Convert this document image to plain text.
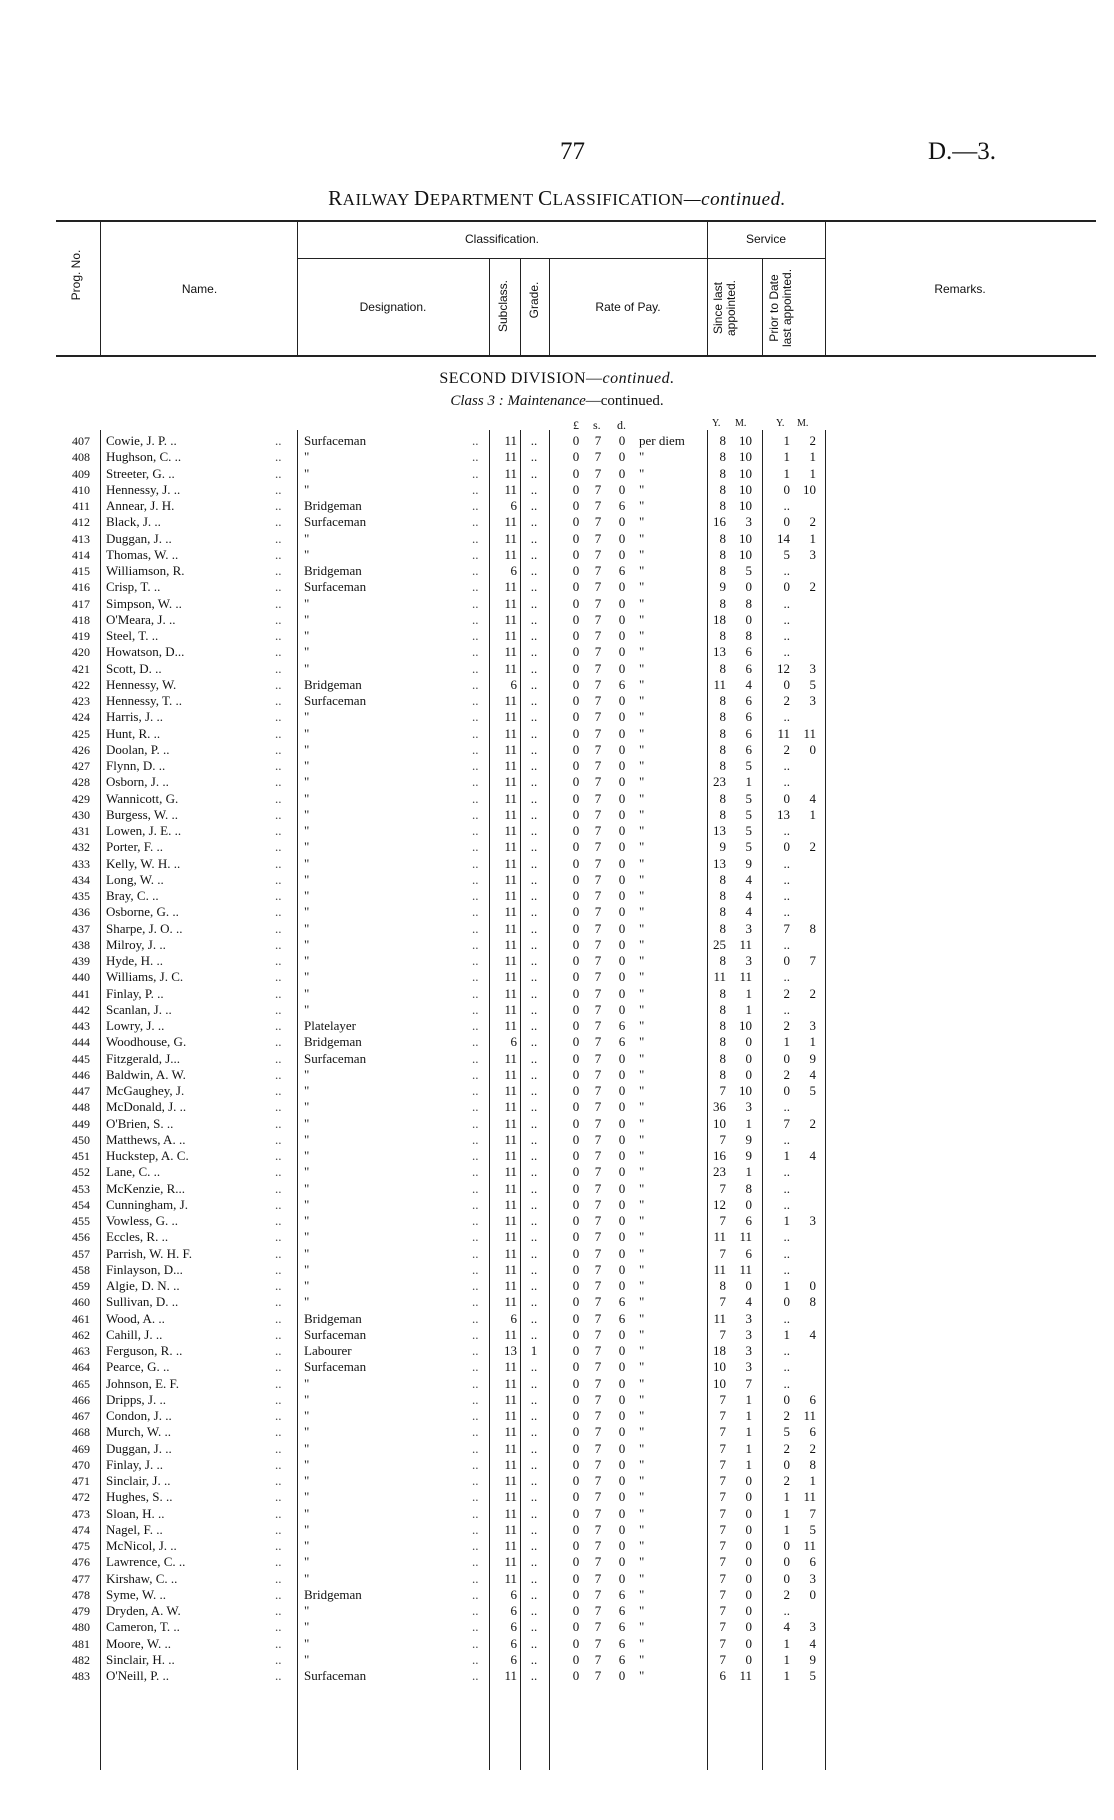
77	D.—3.
RAILWAY DEPARTMENT CLASSIFICATION—continued.
Prog. No.	Name.
Classification.
Designation.	Subclass. Grade.	Rate of Pay.
Service
Since last appointed.	Prior to Date last appointed.	Remarks.
SECOND DIVISION—continued.
Class 3 : Maintenance—continued.
£ s. d.	Y. M.	Y. M.
407 Cowie, J. P. ..	.. Surfaceman	..	11 ..	0 7 0 per diem	8	10	1	2
408 Hughson, C. ..	.. "	..	11 ..	0 7 0 "	8	10	1	1
409 Streeter, G. ..	.. "	..	11 ..	0 7 0 "	8	10	1	1
410 Hennessy, J. ..	.. "	..	11 ..	0 7 0 "	8	10	0	10
411 Annear, J. H.	.. Bridgeman	..	6 ..	0 7 6 "	8	10	..
412 Black, J. ..	.. Surfaceman	..	11 ..	0 7 0 "	16	3	0	2
413 Duggan, J. ..	.. "	..	11 ..	0 7 0 "	8	10	14	1
414 Thomas, W. ..	.. "	..	11 ..	0 7 0 "	8	10	5	3
415 Williamson, R.	.. Bridgeman	..	6 ..	0 7 6 "	8	5	..
416 Crisp, T. ..	.. Surfaceman	..	11 ..	0 7 0 "	9	0	0	2
417 Simpson, W. ..	.. "	..	11 ..	0 7 0 "	8	8	..
418 O'Meara, J. ..	.. "	..	11 ..	0 7 0 "	18	0	..
419 Steel, T. ..	.. "	..	11 ..	0 7 0 "	8	8	..
420 Howatson, D...	.. "	..	11 ..	0 7 0 "	13	6	..
421 Scott, D. ..	.. "	..	11 ..	0 7 0 "	8	6	12	3
422 Hennessy, W.	.. Bridgeman	..	6 ..	0 7 6 "	11	4	0	5
423 Hennessy, T. ..	.. Surfaceman	..	11 ..	0 7 0 "	8	6	2	3
424 Harris, J. ..	.. "	..	11 ..	0 7 0 "	8	6	..
425 Hunt, R. ..	.. "	..	11 ..	0 7 0 "	8	6	11	11
426 Doolan, P. ..	.. "	..	11 ..	0 7 0 "	8	6	2	0
427 Flynn, D. ..	.. "	..	11 ..	0 7 0 "	8	5	..
428 Osborn, J. ..	.. "	..	11 ..	0 7 0 "	23	1	..
429 Wannicott, G.	.. "	..	11 ..	0 7 0 "	8	5	0	4
430 Burgess, W. ..	.. "	..	11 ..	0 7 0 "	8	5	13	1
431 Lowen, J. E. ..	.. "	..	11 ..	0 7 0 "	13	5	..
432 Porter, F. ..	.. "	..	11 ..	0 7 0 "	9	5	0	2
433 Kelly, W. H. ..	.. "	..	11 ..	0 7 0 "	13	9	..
434 Long, W. ..	.. "	..	11 ..	0 7 0 "	8	4	..
435 Bray, C. ..	.. "	..	11 ..	0 7 0 "	8	4	..
436 Osborne, G. ..	.. "	..	11 ..	0 7 0 "	8	4	..
437 Sharpe, J. O. ..	.. "	..	11 ..	0 7 0 "	8	3	7	8
438 Milroy, J. ..	.. "	..	11 ..	0 7 0 "	25	11	..
439 Hyde, H. ..	.. "	..	11 ..	0 7 0 "	8	3	0	7
440 Williams, J. C.	.. "	..	11 ..	0 7 0 "	11	11	..
441 Finlay, P. ..	.. "	..	11 ..	0 7 0 "	8	1	2	2
442 Scanlan, J. ..	.. "	..	11 ..	0 7 0 "	8	1	..
443 Lowry, J. ..	.. Platelayer	..	11 ..	0 7 6 "	8	10	2	3
444 Woodhouse, G.	.. Bridgeman	..	6 ..	0 7 6 "	8	0	1	1
445 Fitzgerald, J...	.. Surfaceman	..	11 ..	0 7 0 "	8	0	0	9
446 Baldwin, A. W.	.. "	..	11 ..	0 7 0 "	8	0	2	4
447 McGaughey, J.	.. "	..	11 ..	0 7 0 "	7	10	0	5
448 McDonald, J. ..	.. "	..	11 ..	0 7 0 "	36	3	..
449 O'Brien, S. ..	.. "	..	11 ..	0 7 0 "	10	1	7	2
450 Matthews, A. ..	.. "	..	11 ..	0 7 0 "	7	9	..
451 Huckstep, A. C.	.. "	..	11 ..	0 7 0 "	16	9	1	4
452 Lane, C. ..	.. "	..	11 ..	0 7 0 "	23	1	..
453 McKenzie, R...	.. "	..	11 ..	0 7 0 "	7	8	..
454 Cunningham, J.	.. "	..	11 ..	0 7 0 "	12	0	..
455 Vowless, G. ..	.. "	..	11 ..	0 7 0 "	7	6	1	3
456 Eccles, R. ..	.. "	..	11 ..	0 7 0 "	11	11	..
457 Parrish, W. H. F.	.. "	..	11 ..	0 7 0 "	7	6	..
458 Finlayson, D...	.. "	..	11 ..	0 7 0 "	11	11	..
459 Algie, D. N. ..	.. "	..	11 ..	0 7 0 "	8	0	1	0
460 Sullivan, D. ..	.. "	..	11 ..	0 7 6 "	7	4	0	8
461 Wood, A. ..	.. Bridgeman	..	6 ..	0 7 6 "	11	3	..
462 Cahill, J. ..	.. Surfaceman	..	11 ..	0 7 0 "	7	3	1	4
463 Ferguson, R. ..	.. Labourer	..	13 1	0 7 0 "	18	3	..
464 Pearce, G. ..	.. Surfaceman	..	11 ..	0 7 0 "	10	3	..
465 Johnson, E. F.	.. "	..	11 ..	0 7 0 "	10	7	..
466 Dripps, J. ..	.. "	..	11 ..	0 7 0 "	7	1	0	6
467 Condon, J. ..	.. "	..	11 ..	0 7 0 "	7	1	2	11
468 Murch, W. ..	.. "	..	11 ..	0 7 0 "	7	1	5	6
469 Duggan, J. ..	.. "	..	11 ..	0 7 0 "	7	1	2	2
470 Finlay, J. ..	.. "	..	11 ..	0 7 0 "	7	1	0	8
471 Sinclair, J. ..	.. "	..	11 ..	0 7 0 "	7	0	2	1
472 Hughes, S. ..	.. "	..	11 ..	0 7 0 "	7	0	1	11
473 Sloan, H. ..	.. "	..	11 ..	0 7 0 "	7	0	1	7
474 Nagel, F. ..	.. "	..	11 ..	0 7 0 "	7	0	1	5
475 McNicol, J. ..	.. "	..	11 ..	0 7 0 "	7	0	0	11
476 Lawrence, C. ..	.. "	..	11 ..	0 7 0 "	7	0	0	6
477 Kirshaw, C. ..	.. "	..	11 ..	0 7 0 "	7	0	0	3
478 Syme, W. ..	.. Bridgeman	..	6 ..	0 7 6 "	7	0	2	0
479 Dryden, A. W.	.. "	..	6 ..	0 7 6 "	7	0	..
480 Cameron, T. ..	.. "	..	6 ..	0 7 6 "	7	0	4	3
481 Moore, W. ..	.. "	..	6 ..	0 7 6 "	7	0	1	4
482 Sinclair, H. ..	.. "	..	6 ..	0 7 6 "	7	0	1	9
483 O'Neill, P. ..	.. Surfaceman	..	11 ..	0 7 0 "	6	11	1	5
